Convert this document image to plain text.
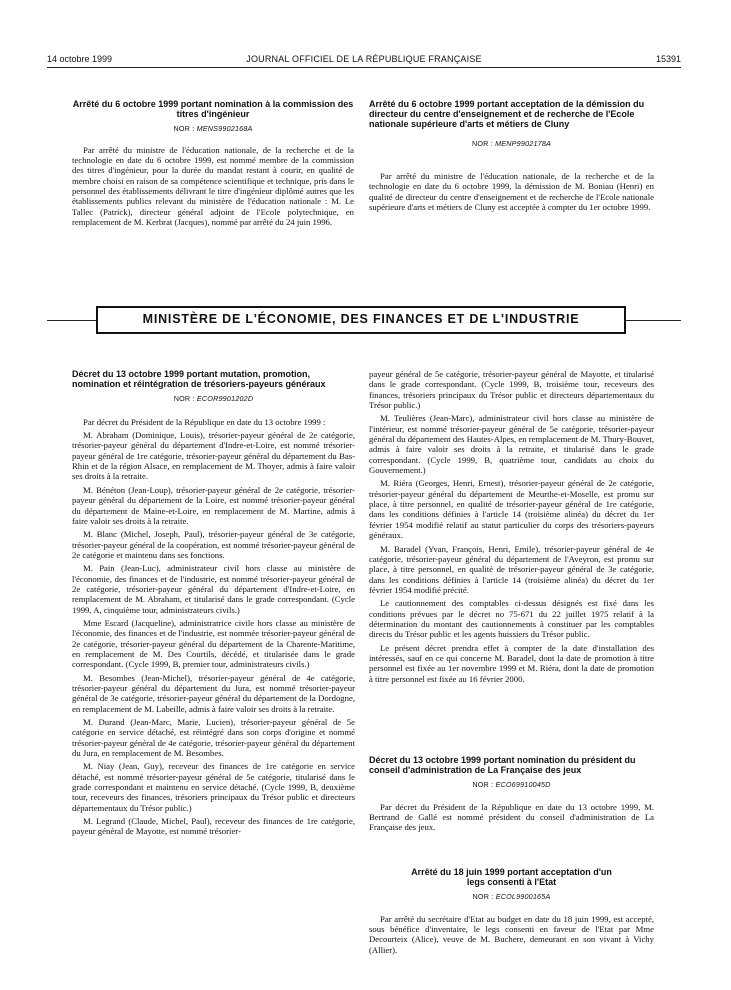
14 octobre 1999	JOURNAL OFFICIEL DE LA RÉPUBLIQUE FRANÇAISE	15391
Arrêté du 6 octobre 1999 portant nomination à la commission des titres d'ingénieur
NOR : MENS9902168A

Par arrêté du ministre de l'éducation nationale, de la recherche et de la technologie en date du 6 octobre 1999, est nommé membre de la commission des titres d'ingénieur, pour la durée du mandat restant à courir, en qualité de membre choisi en raison de sa compétence scientifique et technique, pris dans le personnel des établissements délivrant le titre d'ingénieur diplômé autres que les établissements publics relevant du ministère de l'éducation nationale : M. Le Tallec (Patrick), directeur général adjoint de l'Ecole polytechnique, en remplacement de M. Kerbrat (Jacques), nommé par arrêté du 24 juin 1996.

Arrêté du 6 octobre 1999 portant acceptation de la démission du directeur du centre d'enseignement et de recherche de l'Ecole nationale supérieure d'arts et métiers de Cluny
NOR : MENP9902178A

Par arrêté du ministre de l'éducation nationale, de la recherche et de la technologie en date du 6 octobre 1999, la démission de M. Boniau (Henri) en qualité de directeur du centre d'enseignement et de recherche de l'Ecole nationale supérieure d'arts et métiers de Cluny est acceptée à compter du 1er octobre 1999.

MINISTÈRE DE L'ÉCONOMIE, DES FINANCES ET DE L'INDUSTRIE
Décret du 13 octobre 1999 portant mutation, promotion, nomination et réintégration de trésoriers-payeurs généraux
NOR : ECOR9901202D

Par décret du Président de la République en date du 13 octobre 1999 :

M. Abraham (Dominique, Louis), trésorier-payeur général de 2e catégorie, trésorier-payeur général du département d'Indre-et-Loire, est nommé trésorier-payeur général de 1re catégorie, trésorier-payeur général du département du Bas-Rhin et de la région Alsace, en remplacement de M. Thoyer, admis à faire valoir ses droits à la retraite.

M. Bénéton (Jean-Loup), trésorier-payeur général de 2e catégorie, trésorier-payeur général du département de la Loire, est nommé trésorier-payeur général du département de Maine-et-Loire, en remplacement de M. Martine, admis à faire valoir ses droits à la retraite.

M. Blanc (Michel, Joseph, Paul), trésorier-payeur général de 3e catégorie, trésorier-payeur général de la coopération, est nommé trésorier-payeur général de 2e catégorie et maintenu dans ses fonctions.

M. Pain (Jean-Luc), administrateur civil hors classe au ministère de l'économie, des finances et de l'industrie, est nommé trésorier-payeur général de 2e catégorie, trésorier-payeur général du département d'Indre-et-Loire, en remplacement de M. Abraham, et titularisé dans le grade correspondant. (Cycle 1999, A, cinquième tour, administrateurs civils.)

Mme Escard (Jacqueline), administratrice civile hors classe au ministère de l'économie, des finances et de l'industrie, est nommée trésorier-payeur général de 2e catégorie, trésorier-payeur général du département de la Charente-Maritime, en remplacement de M. Des Courtils, décédé, et titularisée dans le grade correspondant. (Cycle 1999, B, premier tour, administrateurs civils.)

M. Besombes (Jean-Michel), trésorier-payeur général de 4e catégorie, trésorier-payeur général du département du Jura, est nommé trésorier-payeur général de 3e catégorie, trésorier-payeur général du département de la Dordogne, en remplacement de M. Labeille, admis à faire valoir ses droits à la retraite.

M. Durand (Jean-Marc, Marie, Lucien), trésorier-payeur général de 5e catégorie en service détaché, est réintégré dans son corps d'origine et nommé trésorier-payeur général de 4e catégorie, trésorier-payeur général du département du Jura, en remplacement de M. Besombes.

M. Niay (Jean, Guy), receveur des finances de 1re catégorie en service détaché, est nommé trésorier-payeur général de 5e catégorie, titularisé dans le grade correspondant et maintenu en service détaché. (Cycle 1999, B, deuxième tour, receveurs des finances, trésoriers principaux du Trésor public et directeurs départementaux du Trésor public.)

M. Legrand (Claude, Michel, Paul), receveur des finances de 1re catégorie, payeur général de Mayotte, est nommé trésorier-

payeur général de 5e catégorie, trésorier-payeur général de Mayotte, et titularisé dans le grade correspondant. (Cycle 1999, B, troisième tour, receveurs des finances, trésoriers principaux du Trésor public et directeurs départementaux du Trésor public.)

M. Teulières (Jean-Marc), administrateur civil hors classe au ministère de l'intérieur, est nommé trésorier-payeur général de 5e catégorie, trésorier-payeur général du département des Hautes-Alpes, en remplacement de M. Thury-Bouvet, admis à faire valoir ses droits à la retraite, et titularisé dans le grade correspondant. (Cycle 1999, B, quatrième tour, candidats au choix du Gouvernement.)

M. Riéra (Georges, Henri, Ernest), trésorier-payeur général de 2e catégorie, trésorier-payeur général du département de Meurthe-et-Moselle, est promu sur place, à titre personnel, en qualité de trésorier-payeur général de 1re catégorie, dans les conditions définies à l'article 14 (troisième alinéa) du décret du 1er février 1954 modifié relatif au statut particulier du corps des trésoriers-payeurs généraux.

M. Baradel (Yvan, François, Henri, Emile), trésorier-payeur général de 4e catégorie, trésorier-payeur général du département de l'Aveyron, est promu sur place, à titre personnel, en qualité de trésorier-payeur général de 3e catégorie, dans les conditions définies à l'article 14 (troisième alinéa) du décret du 1er février 1954 modifié précité.

Le cautionnement des comptables ci-dessus désignés est fixé dans les conditions prévues par le décret no 75-671 du 22 juillet 1975 relatif à la détermination du montant des cautionnements à constituer par les comptables directs du Trésor public et les agents huissiers du Trésor public.

Le présent décret prendra effet à compter de la date d'installation des intéressés, sauf en ce qui concerne M. Baradel, dont la date de promotion à titre personnel est fixée au 1er novembre 1999 et M. Riéra, dont la date de promotion à titre personnel est fixée au 16 février 2000.

Décret du 13 octobre 1999 portant nomination du président du conseil d'administration de La Française des jeux
NOR : ECO69910045D

Par décret du Président de la République en date du 13 octobre 1999, M. Bertrand de Gallé est nommé président du conseil d'administration de La Française des jeux.

Arrêté du 18 juin 1999 portant acceptation d'un legs consenti à l'Etat
NOR : ECOL9900165A

Par arrêté du secrétaire d'Etat au budget en date du 18 juin 1999, est accepté, sous bénéfice d'inventaire, le legs consenti en faveur de l'Etat par Mme Decourteix (Alice), veuve de M. Buchere, demeurant en son vivant à Vichy (Allier).
